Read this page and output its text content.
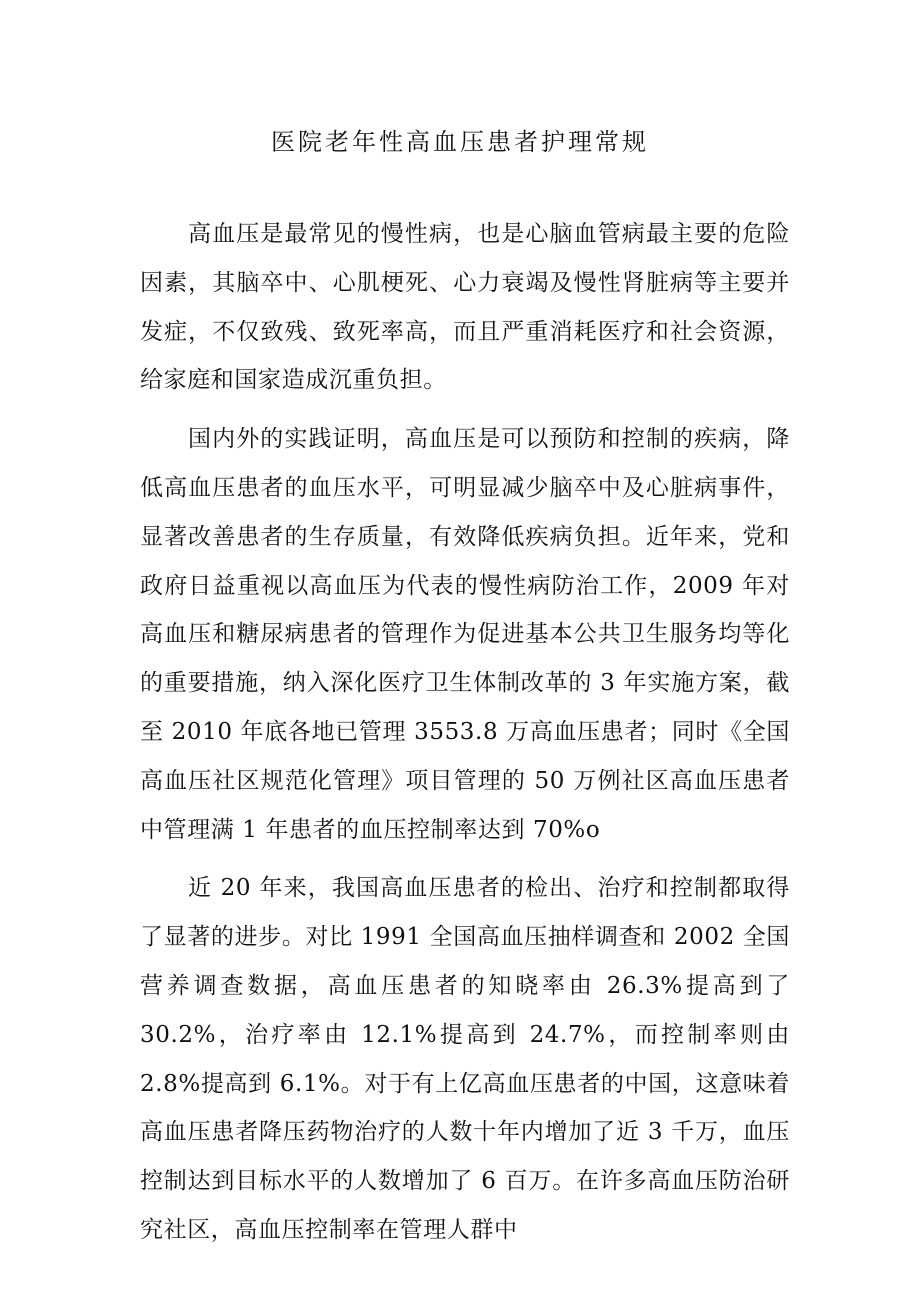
医院老年性高血压患者护理常规

高血压是最常见的慢性病，也是心脑血管病最主要的危险因素，其脑卒中、心肌梗死、心力衰竭及慢性肾脏病等主要并发症，不仅致残、致死率高，而且严重消耗医疗和社会资源，给家庭和国家造成沉重负担。

国内外的实践证明，高血压是可以预防和控制的疾病，降低高血压患者的血压水平，可明显减少脑卒中及心脏病事件，显著改善患者的生存质量，有效降低疾病负担。近年来，党和政府日益重视以高血压为代表的慢性病防治工作，2009 年对高血压和糖尿病患者的管理作为促进基本公共卫生服务均等化的重要措施，纳入深化医疗卫生体制改革的 3 年实施方案，截至 2010 年底各地已管理 3553.8 万高血压患者；同时《全国高血压社区规范化管理》项目管理的 50 万例社区高血压患者中管理满 1 年患者的血压控制率达到 70%o

近 20 年来，我国高血压患者的检出、治疗和控制都取得了显著的进步。对比 1991 全国高血压抽样调查和 2002 全国营养调查数据，高血压患者的知晓率由 26.3%提高到了 30.2%，治疗率由 12.1%提高到 24.7%，而控制率则由 2.8%提高到 6.1%。对于有上亿高血压患者的中国，这意味着高血压患者降压药物治疗的人数十年内增加了近 3 千万，血压控制达到目标水平的人数增加了 6 百万。在许多高血压防治研究社区，高血压控制率在管理人群中
